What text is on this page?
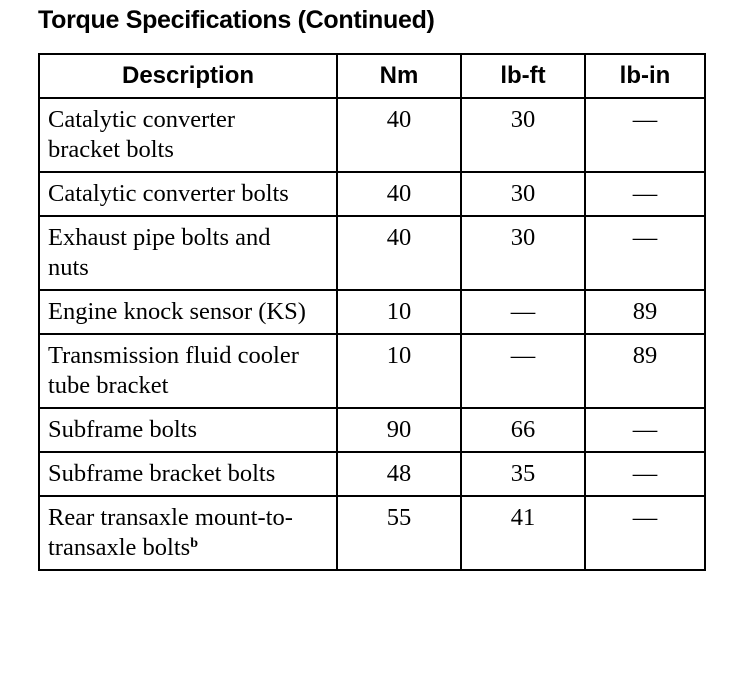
Torque Specifications (Continued)
Description	Nm	lb-ft	lb-in
Catalytic converter bracket bolts	40	30	—
Catalytic converter bolts	40	30	—
Exhaust pipe bolts and nuts	40	30	—
Engine knock sensor (KS)	10	—	89
Transmission fluid cooler tube bracket	10	—	89
Subframe bolts	90	66	—
Subframe bracket bolts	48	35	—
Rear transaxle mount-to-transaxle bolts$^b$	55	41	—
